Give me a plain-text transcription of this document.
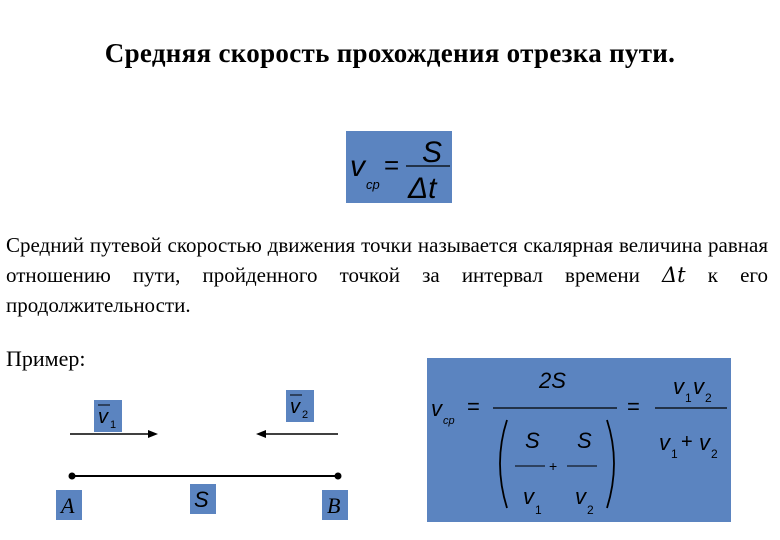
Средняя скорость прохождения отрезка пути.
v
ср
= S
Δt
Средний путевой скоростью движения точки называется скалярная величина равная отношению пути, пройденного точкой за интервал времени Δt к его продолжительности.
Пример:
v 1
v 2
A	S	B
v ср
=
2S
S S
+
v
1
v
2
=
v 1 v 2
v 1
+ v 2
